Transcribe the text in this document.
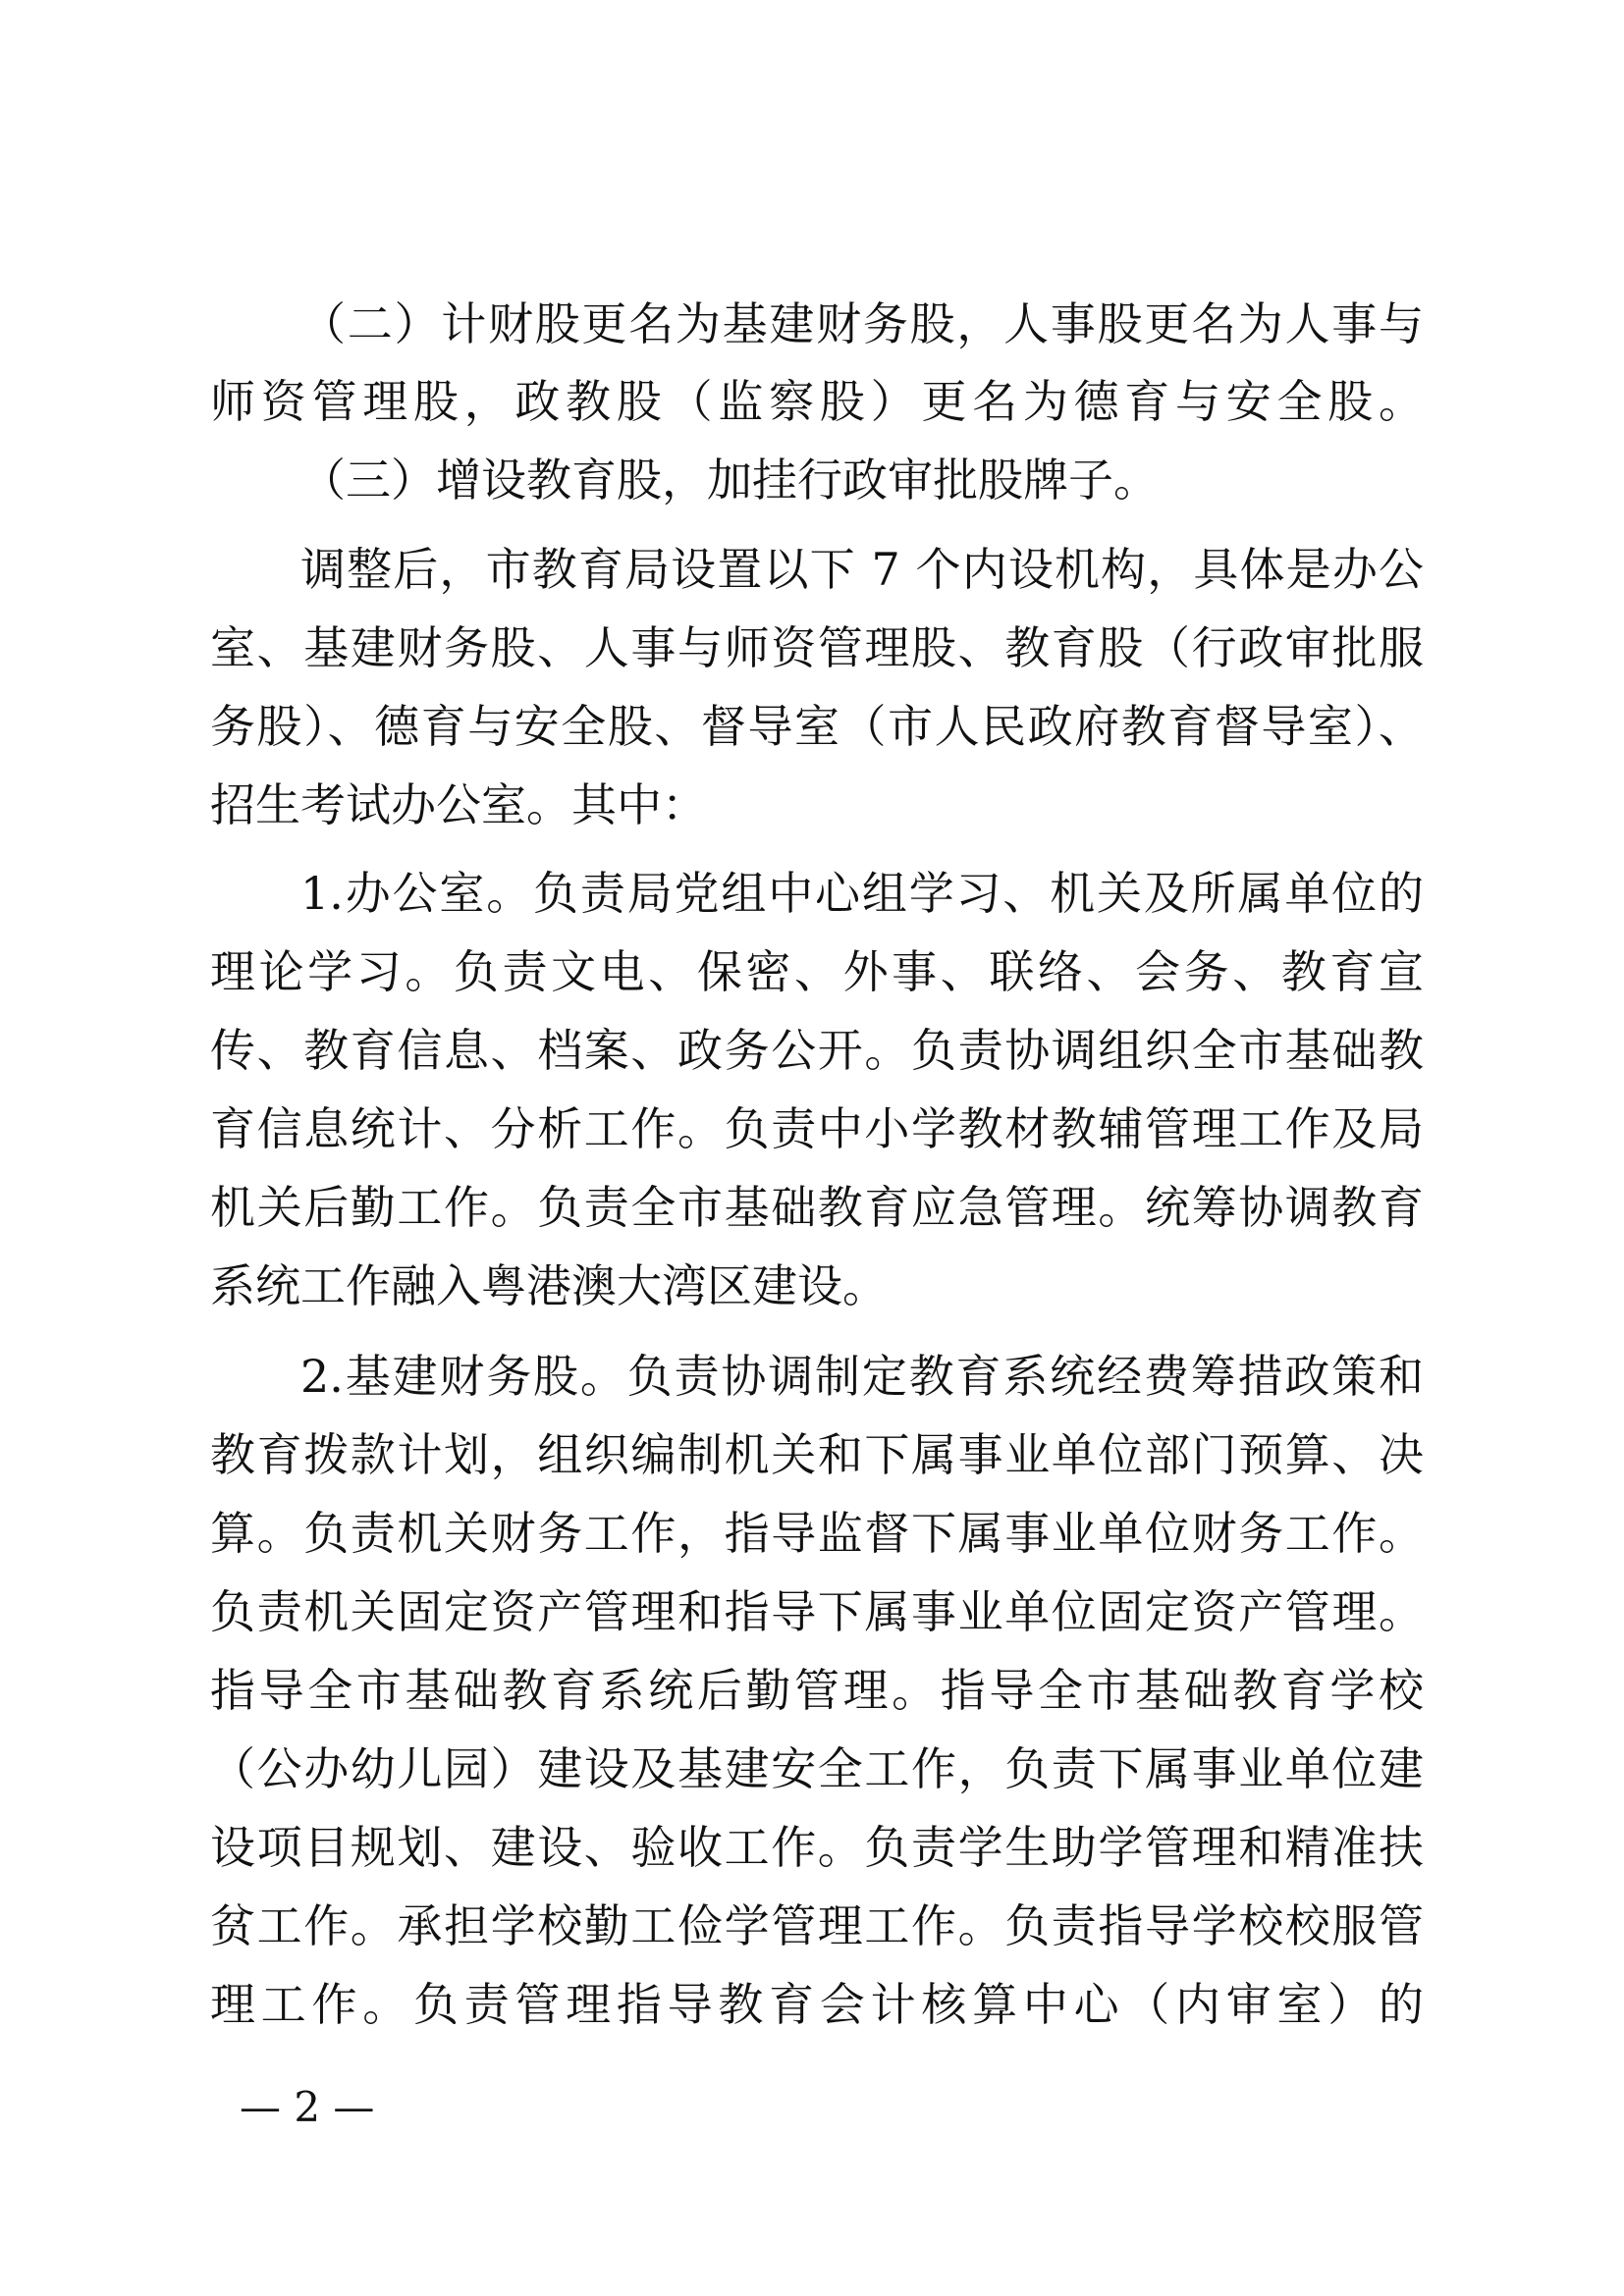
（二）计财股更名为基建财务股，人事股更名为人事与
师资管理股，政教股（监察股）更名为德育与安全股。
（三）增设教育股，加挂行政审批股牌子。
调整后，市教育局设置以下 7 个内设机构，具体是办公
室、基建财务股、人事与师资管理股、教育股（行政审批服
务股）、德育与安全股、督导室（市人民政府教育督导室）、
招生考试办公室。其中：
1.办公室。负责局党组中心组学习、机关及所属单位的
理论学习。负责文电、保密、外事、联络、会务、教育宣
传、教育信息、档案、政务公开。负责协调组织全市基础教
育信息统计、分析工作。负责中小学教材教辅管理工作及局
机关后勤工作。负责全市基础教育应急管理。统筹协调教育
系统工作融入粤港澳大湾区建设。
2.基建财务股。负责协调制定教育系统经费筹措政策和
教育拨款计划，组织编制机关和下属事业单位部门预算、决
算。负责机关财务工作，指导监督下属事业单位财务工作。
负责机关固定资产管理和指导下属事业单位固定资产管理。
指导全市基础教育系统后勤管理。指导全市基础教育学校
（公办幼儿园）建设及基建安全工作，负责下属事业单位建
设项目规划、建设、验收工作。负责学生助学管理和精准扶
贫工作。承担学校勤工俭学管理工作。负责指导学校校服管
理工作。负责管理指导教育会计核算中心（内审室）的
— 2 —
